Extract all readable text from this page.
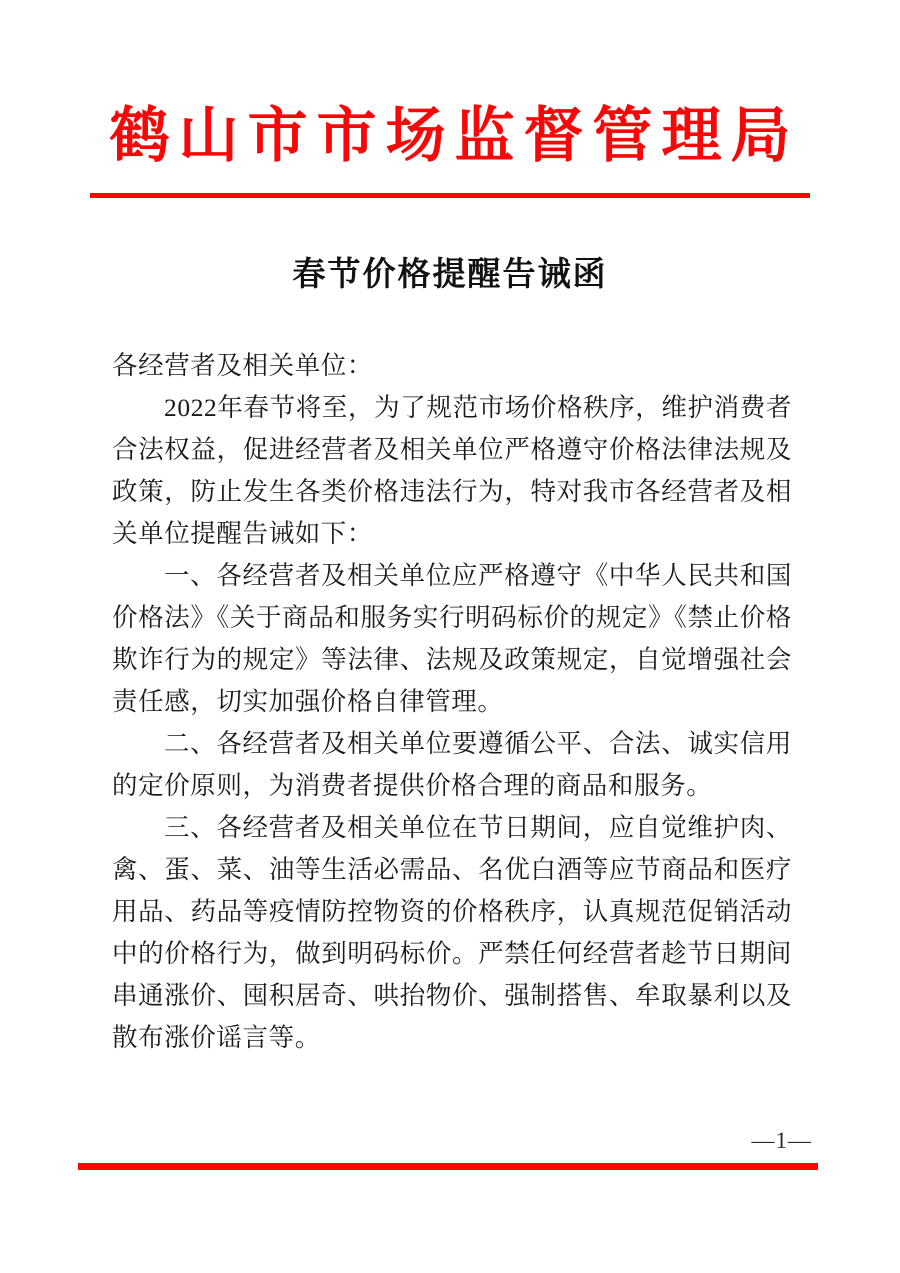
鹤山市市场监督管理局
春节价格提醒告诫函

各经营者及相关单位：

2022年春节将至，为了规范市场价格秩序，维护消费者合法权益，促进经营者及相关单位严格遵守价格法律法规及政策，防止发生各类价格违法行为，特对我市各经营者及相关单位提醒告诫如下：

一、各经营者及相关单位应严格遵守《中华人民共和国价格法》《关于商品和服务实行明码标价的规定》《禁止价格欺诈行为的规定》等法律、法规及政策规定，自觉增强社会责任感，切实加强价格自律管理。

二、各经营者及相关单位要遵循公平、合法、诚实信用的定价原则，为消费者提供价格合理的商品和服务。

三、各经营者及相关单位在节日期间，应自觉维护肉、禽、蛋、菜、油等生活必需品、名优白酒等应节商品和医疗用品、药品等疫情防控物资的价格秩序，认真规范促销活动中的价格行为，做到明码标价。严禁任何经营者趁节日期间串通涨价、囤积居奇、哄抬物价、强制搭售、牟取暴利以及散布涨价谣言等。

—1—
